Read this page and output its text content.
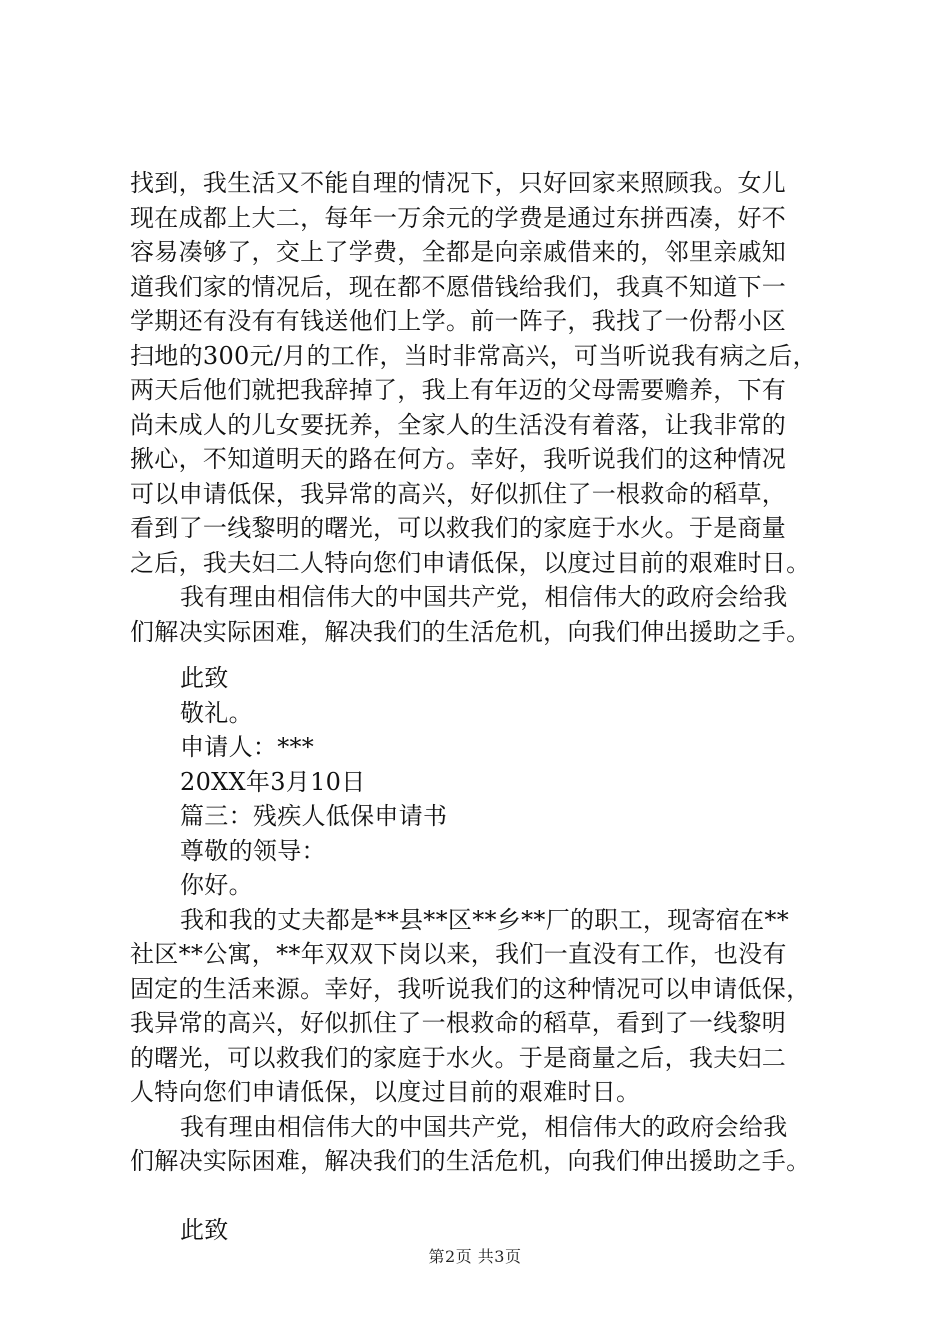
找到，我生活又不能自理的情况下，只好回家来照顾我。女儿
现在成都上大二，每年一万余元的学费是通过东拼西凑，好不
容易凑够了，交上了学费，全都是向亲戚借来的，邻里亲戚知
道我们家的情况后，现在都不愿借钱给我们，我真不知道下一
学期还有没有有钱送他们上学。前一阵子，我找了一份帮小区
扫地的300元/月的工作，当时非常高兴，可当听说我有病之后，
两天后他们就把我辞掉了，我上有年迈的父母需要赡养，下有
尚未成人的儿女要抚养，全家人的生活没有着落，让我非常的
揪心，不知道明天的路在何方。幸好，我听说我们的这种情况
可以申请低保，我异常的高兴，好似抓住了一根救命的稻草，
看到了一线黎明的曙光，可以救我们的家庭于水火。于是商量
之后，我夫妇二人特向您们申请低保，以度过目前的艰难时日。
我有理由相信伟大的中国共产党，相信伟大的政府会给我
们解决实际困难，解决我们的生活危机，向我们伸出援助之手。
此致
敬礼。
申请人：***
20XX年3月10日
篇三：残疾人低保申请书
尊敬的领导：
你好。
我和我的丈夫都是**县**区**乡**厂的职工，现寄宿在**
社区**公寓，**年双双下岗以来，我们一直没有工作，也没有
固定的生活来源。幸好，我听说我们的这种情况可以申请低保，
我异常的高兴，好似抓住了一根救命的稻草，看到了一线黎明
的曙光，可以救我们的家庭于水火。于是商量之后，我夫妇二
人特向您们申请低保，以度过目前的艰难时日。
我有理由相信伟大的中国共产党，相信伟大的政府会给我
们解决实际困难，解决我们的生活危机，向我们伸出援助之手。
此致
第2页 共3页
